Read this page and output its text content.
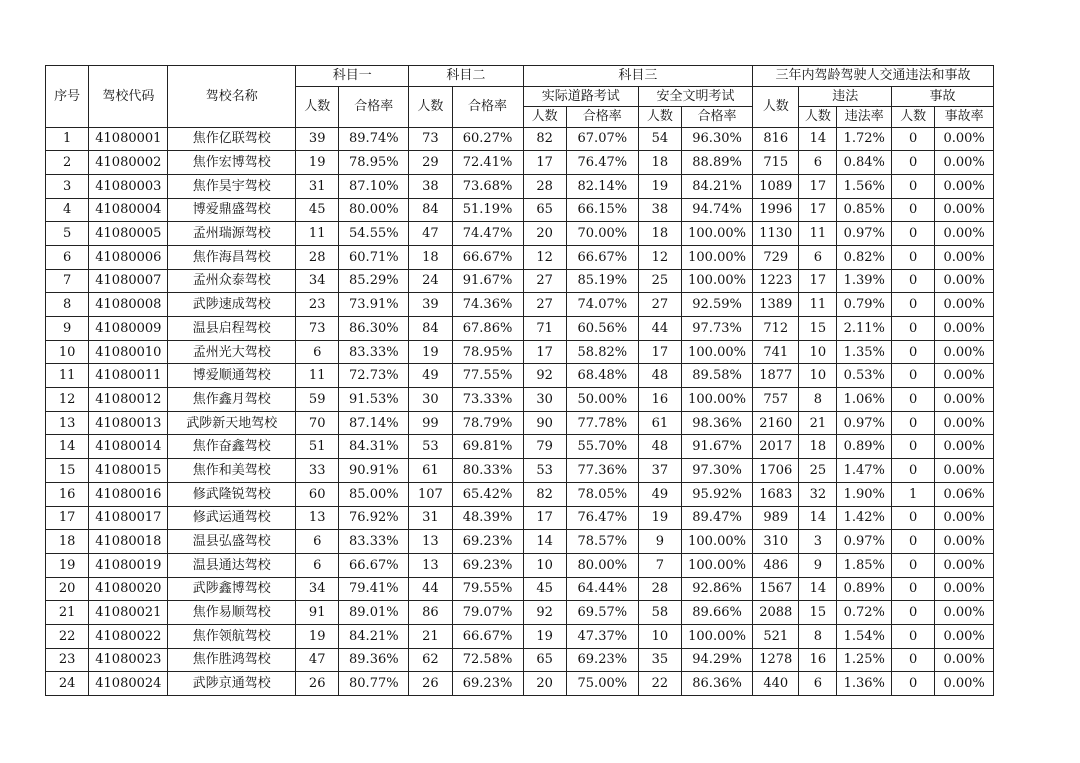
序号	驾校代码	驾校名称	科目一		科目二		科目三				三年内驾龄驾驶人交通违法和事故				
			人数	合格率	人数	合格率	实际道路考试		安全文明考试		人数	违法		事故	
							人数	合格率	人数	合格率		人数	违法率	人数	事故率
1	41080001	焦作亿联驾校	39	89.74%	73	60.27%	82	67.07%	54	96.30%	816	14	1.72%	0	0.00%
2	41080002	焦作宏博驾校	19	78.95%	29	72.41%	17	76.47%	18	88.89%	715	6	0.84%	0	0.00%
3	41080003	焦作昊宇驾校	31	87.10%	38	73.68%	28	82.14%	19	84.21%	1089	17	1.56%	0	0.00%
4	41080004	博爱鼎盛驾校	45	80.00%	84	51.19%	65	66.15%	38	94.74%	1996	17	0.85%	0	0.00%
5	41080005	孟州瑞源驾校	11	54.55%	47	74.47%	20	70.00%	18	100.00%	1130	11	0.97%	0	0.00%
6	41080006	焦作海昌驾校	28	60.71%	18	66.67%	12	66.67%	12	100.00%	729	6	0.82%	0	0.00%
7	41080007	孟州众泰驾校	34	85.29%	24	91.67%	27	85.19%	25	100.00%	1223	17	1.39%	0	0.00%
8	41080008	武陟速成驾校	23	73.91%	39	74.36%	27	74.07%	27	92.59%	1389	11	0.79%	0	0.00%
9	41080009	温县启程驾校	73	86.30%	84	67.86%	71	60.56%	44	97.73%	712	15	2.11%	0	0.00%
10	41080010	孟州光大驾校	6	83.33%	19	78.95%	17	58.82%	17	100.00%	741	10	1.35%	0	0.00%
11	41080011	博爱顺通驾校	11	72.73%	49	77.55%	92	68.48%	48	89.58%	1877	10	0.53%	0	0.00%
12	41080012	焦作鑫月驾校	59	91.53%	30	73.33%	30	50.00%	16	100.00%	757	8	1.06%	0	0.00%
13	41080013	武陟新天地驾校	70	87.14%	99	78.79%	90	77.78%	61	98.36%	2160	21	0.97%	0	0.00%
14	41080014	焦作奋鑫驾校	51	84.31%	53	69.81%	79	55.70%	48	91.67%	2017	18	0.89%	0	0.00%
15	41080015	焦作和美驾校	33	90.91%	61	80.33%	53	77.36%	37	97.30%	1706	25	1.47%	0	0.00%
16	41080016	修武隆锐驾校	60	85.00%	107	65.42%	82	78.05%	49	95.92%	1683	32	1.90%	1	0.06%
17	41080017	修武运通驾校	13	76.92%	31	48.39%	17	76.47%	19	89.47%	989	14	1.42%	0	0.00%
18	41080018	温县弘盛驾校	6	83.33%	13	69.23%	14	78.57%	9	100.00%	310	3	0.97%	0	0.00%
19	41080019	温县通达驾校	6	66.67%	13	69.23%	10	80.00%	7	100.00%	486	9	1.85%	0	0.00%
20	41080020	武陟鑫博驾校	34	79.41%	44	79.55%	45	64.44%	28	92.86%	1567	14	0.89%	0	0.00%
21	41080021	焦作易顺驾校	91	89.01%	86	79.07%	92	69.57%	58	89.66%	2088	15	0.72%	0	0.00%
22	41080022	焦作领航驾校	19	84.21%	21	66.67%	19	47.37%	10	100.00%	521	8	1.54%	0	0.00%
23	41080023	焦作胜鸿驾校	47	89.36%	62	72.58%	65	69.23%	35	94.29%	1278	16	1.25%	0	0.00%
24	41080024	武陟京通驾校	26	80.77%	26	69.23%	20	75.00%	22	86.36%	440	6	1.36%	0	0.00%
